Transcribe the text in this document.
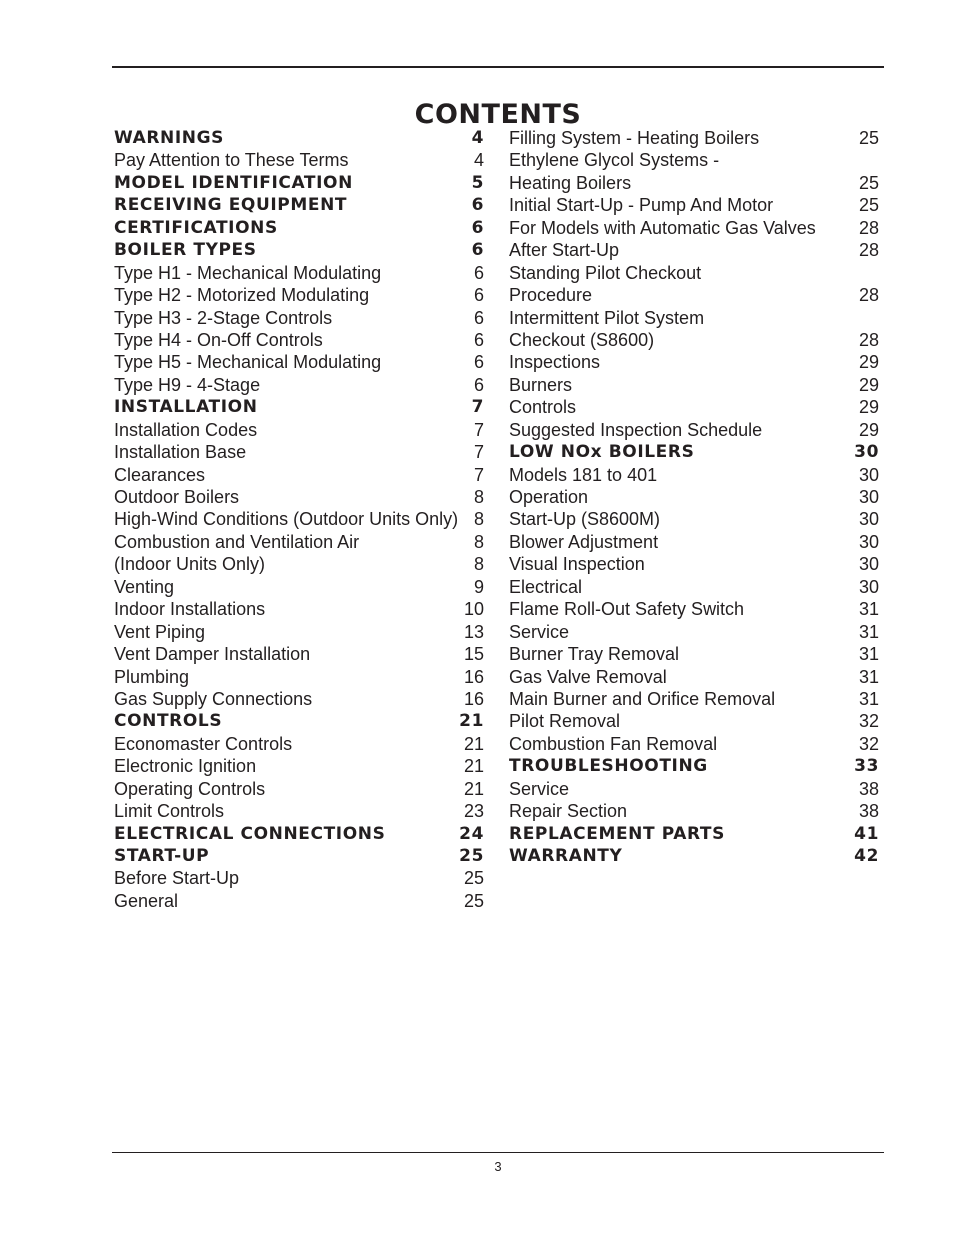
CONTENTS
WARNINGS	4
Pay Attention to These Terms	4
MODEL IDENTIFICATION	5
RECEIVING EQUIPMENT	6
CERTIFICATIONS	6
BOILER TYPES	6
Type H1 - Mechanical Modulating	6
Type H2 - Motorized Modulating	6
Type H3 - 2-Stage Controls	6
Type H4 - On-Off Controls	6
Type H5 - Mechanical Modulating	6
Type H9 - 4-Stage	6
INSTALLATION	7
Installation Codes	7
Installation Base	7
Clearances	7
Outdoor Boilers	8
High-Wind Conditions (Outdoor Units Only) 8
Combustion and Ventilation Air	8
(Indoor Units Only)	8
Venting	9
Indoor Installations	10
Vent Piping	13
Vent Damper Installation	15
Plumbing	16
Gas Supply Connections	16
CONTROLS	21
Economaster Controls	21
Electronic Ignition	21
Operating Controls	21
Limit Controls	23
ELECTRICAL CONNECTIONS	24
START-UP	25
Before Start-Up	25
General	25
Filling System - Heating Boilers	25
Ethylene Glycol Systems -
Heating Boilers	25
Initial Start-Up - Pump And Motor	25
For Models with Automatic Gas Valves 28
After Start-Up	28
Standing Pilot Checkout
Procedure	28
Intermittent Pilot System
Checkout (S8600)	28
Inspections	29
Burners	29
Controls	29
Suggested Inspection Schedule	29
LOW NOx BOILERS	30
Models 181 to 401	30
Operation	30
Start-Up (S8600M)	30
Blower Adjustment	30
Visual Inspection	30
Electrical	30
Flame Roll-Out Safety Switch	31
Service	31
Burner Tray Removal	31
Gas Valve Removal	31
Main Burner and Orifice Removal	31
Pilot Removal	32
Combustion Fan Removal	32
TROUBLESHOOTING	33
Service	38
Repair Section	38
REPLACEMENT PARTS	41
WARRANTY	42
3
